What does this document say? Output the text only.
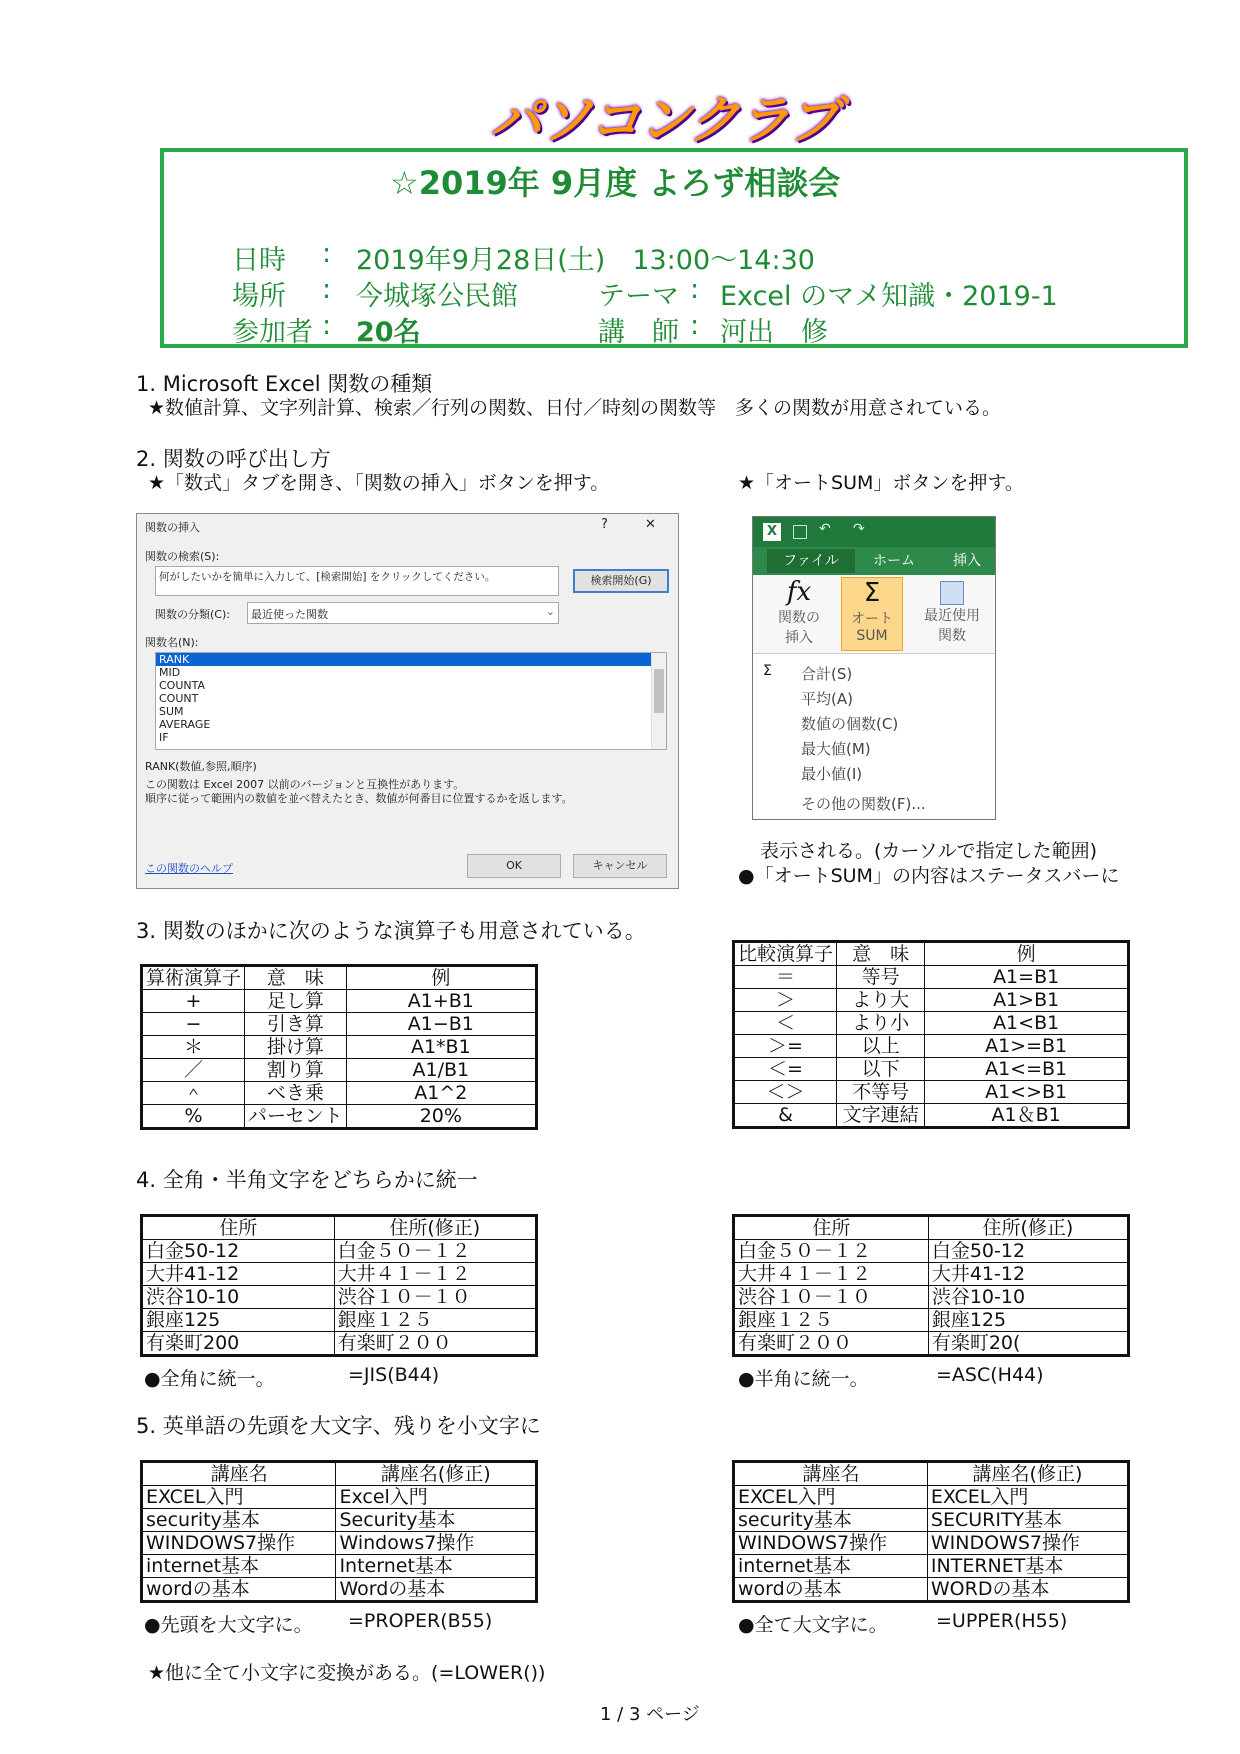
パソコンクラブ
☆2019年 9月度 よろず相談会
日時 : 2019年9月28日(土)　13:00～14:30
場所 : 今城塚公民館	テーマ : Excel のマメ知識・2019-1
参加者 : 20名	講　師 : 河出　修
1. Microsoft Excel 関数の種類
★数値計算、文字列計算、検索／行列の関数、日付／時刻の関数等　多くの関数が用意されている。
2. 関数の呼び出し方
★「数式」タブを開き、「関数の挿入」ボタンを押す。	★「オートSUM」ボタンを押す。
関数の挿入	?	✕
関数の検索(S):
何がしたいかを簡単に入力して、[検索開始] をクリックしてください。	検索開始(G)
関数の分類(C): 最近使った関数	⌄
関数名(N):
RANK
MID
COUNTA
COUNT
SUM
AVERAGE
IF
RANK(数値,参照,順序)
この関数は Excel 2007 以前のバージョンと互換性があります。
順序に従って範囲内の数値を並べ替えたとき、数値が何番目に位置するかを返します。
この関数のヘルプ	OK	キャンセル
X	↶ ↷
ファイル	ホーム	挿入
fx
関数の
挿入
Σ
オート
SUM
最近使用
関数
Σ 合計(S)
平均(A)
数値の個数(C)
最大値(M)
最小値(I)
その他の関数(F)...
表示される。(カーソルで指定した範囲)
●「オートSUM」の内容はステータスバーに
3. 関数のほかに次のような演算子も用意されている。
算術演算子	意　味	例
+	足し算	A1+B1
−	引き算	A1−B1
＊	掛け算	A1*B1
／	割り算	A1/B1
＾	べき乗	A1^2
%	パーセント	20%
比較演算子	意　味	例
＝	等号	A1=B1
＞	より大	A1>B1
＜	より小	A1<B1
＞=	以上	A1>=B1
＜=	以下	A1<=B1
＜＞	不等号	A1<>B1
&	文字連結	A1＆B1
4. 全角・半角文字をどちらかに統一
住所	住所(修正)
白金50-12	白金５０－１２
大井41-12	大井４１－１２
渋谷10-10	渋谷１０－１０
銀座125	銀座１２５
有楽町200	有楽町２００
●全角に統一。	=JIS(B44)
住所	住所(修正)
白金５０－１２	白金50-12
大井４１－１２	大井41-12
渋谷１０－１０	渋谷10-10
銀座１２５	銀座125
有楽町２００	有楽町20(
●半角に統一。	=ASC(H44)
5. 英単語の先頭を大文字、残りを小文字に
講座名	講座名(修正)
EXCEL入門	Excel入門
security基本	Security基本
WINDOWS7操作	Windows7操作
internet基本	Internet基本
wordの基本	Wordの基本
●先頭を大文字に。 =PROPER(B55)
講座名	講座名(修正)
EXCEL入門	EXCEL入門
security基本	SECURITY基本
WINDOWS7操作	WINDOWS7操作
internet基本	INTERNET基本
wordの基本	WORDの基本
●全て大文字に。	=UPPER(H55)
★他に全て小文字に変換がある。(=LOWER())
1 / 3 ページ
